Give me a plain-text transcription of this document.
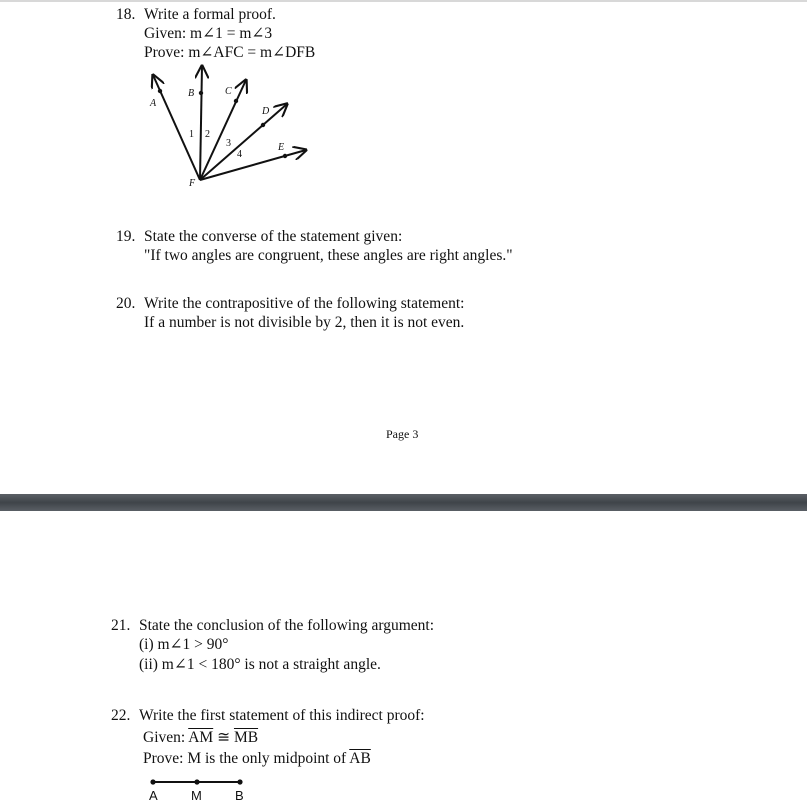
18. Write a formal proof.
Given: m∠1 = m∠3
Prove: m∠AFC = m∠DFB
A
B	C
D
E
F
1 2
3
4
19. State the converse of the statement given:
"If two angles are congruent, these angles are right angles."
20. Write the contrapositive of the following statement:
If a number is not divisible by 2, then it is not even.
Page 3
21. State the conclusion of the following argument:
(i) m∠1 > 90°
(ii) m∠1 < 180° is not a straight angle.
22. Write the first statement of this indirect proof:
Given: $\overline{AM}$ ≅ $\overline{MB}$
Prove: M is the only midpoint of $\overline{AB}$
A	M	B
